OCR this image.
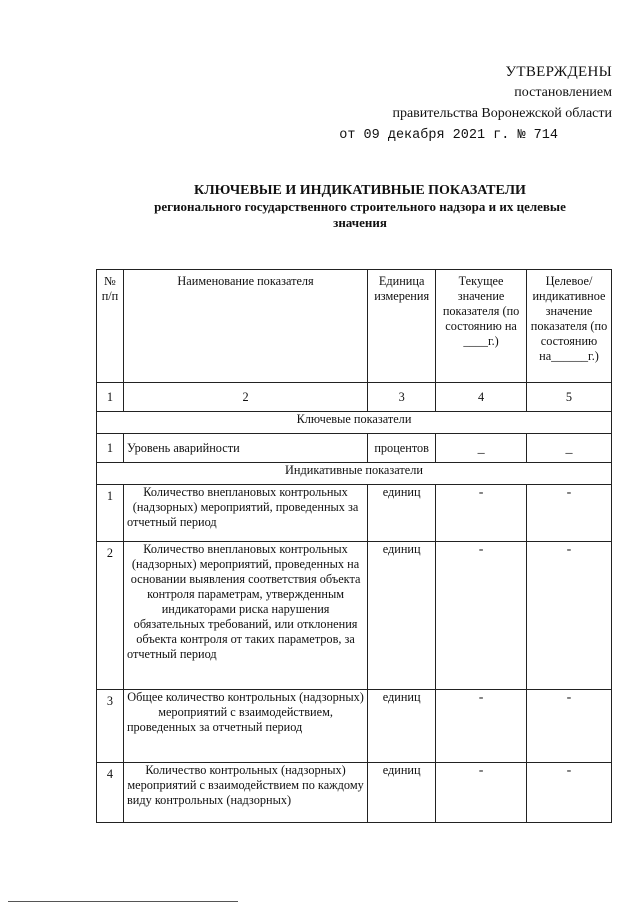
УТВЕРЖДЕНЫ
постановлением
правительства Воронежской области
от 09 декабря 2021 г. № 714
КЛЮЧЕВЫЕ И ИНДИКАТИВНЫЕ ПОКАЗАТЕЛИ
регионального государственного строительного надзора и их целевые
значения
№ п/п	Наименование показателя	Единица измерения	Текущее значение показателя (по состоянию на ____г.)	Целевое/ индикативное значение показателя (по состоянию на______г.)
1	2	3	4	5
Ключевые показатели				
1	Уровень аварийности	процентов	_	_
Индикативные показатели				
1	Количество внеплановых контрольных (надзорных) мероприятий, проведенных за отчетный период	единиц	-	-
2	Количество внеплановых контрольных (надзорных) мероприятий, проведенных на основании выявления соответствия объекта контроля параметрам, утвержденным индикаторами риска нарушения обязательных требований, или отклонения объекта контроля от таких параметров, за отчетный период	единиц	-	-
3	Общее количество контрольных (надзорных) мероприятий с взаимодействием, проведенных за отчетный период	единиц	-	-
4	Количество контрольных (надзорных) мероприятий с взаимодействием по каждому виду контрольных (надзорных)	единиц	-	-
